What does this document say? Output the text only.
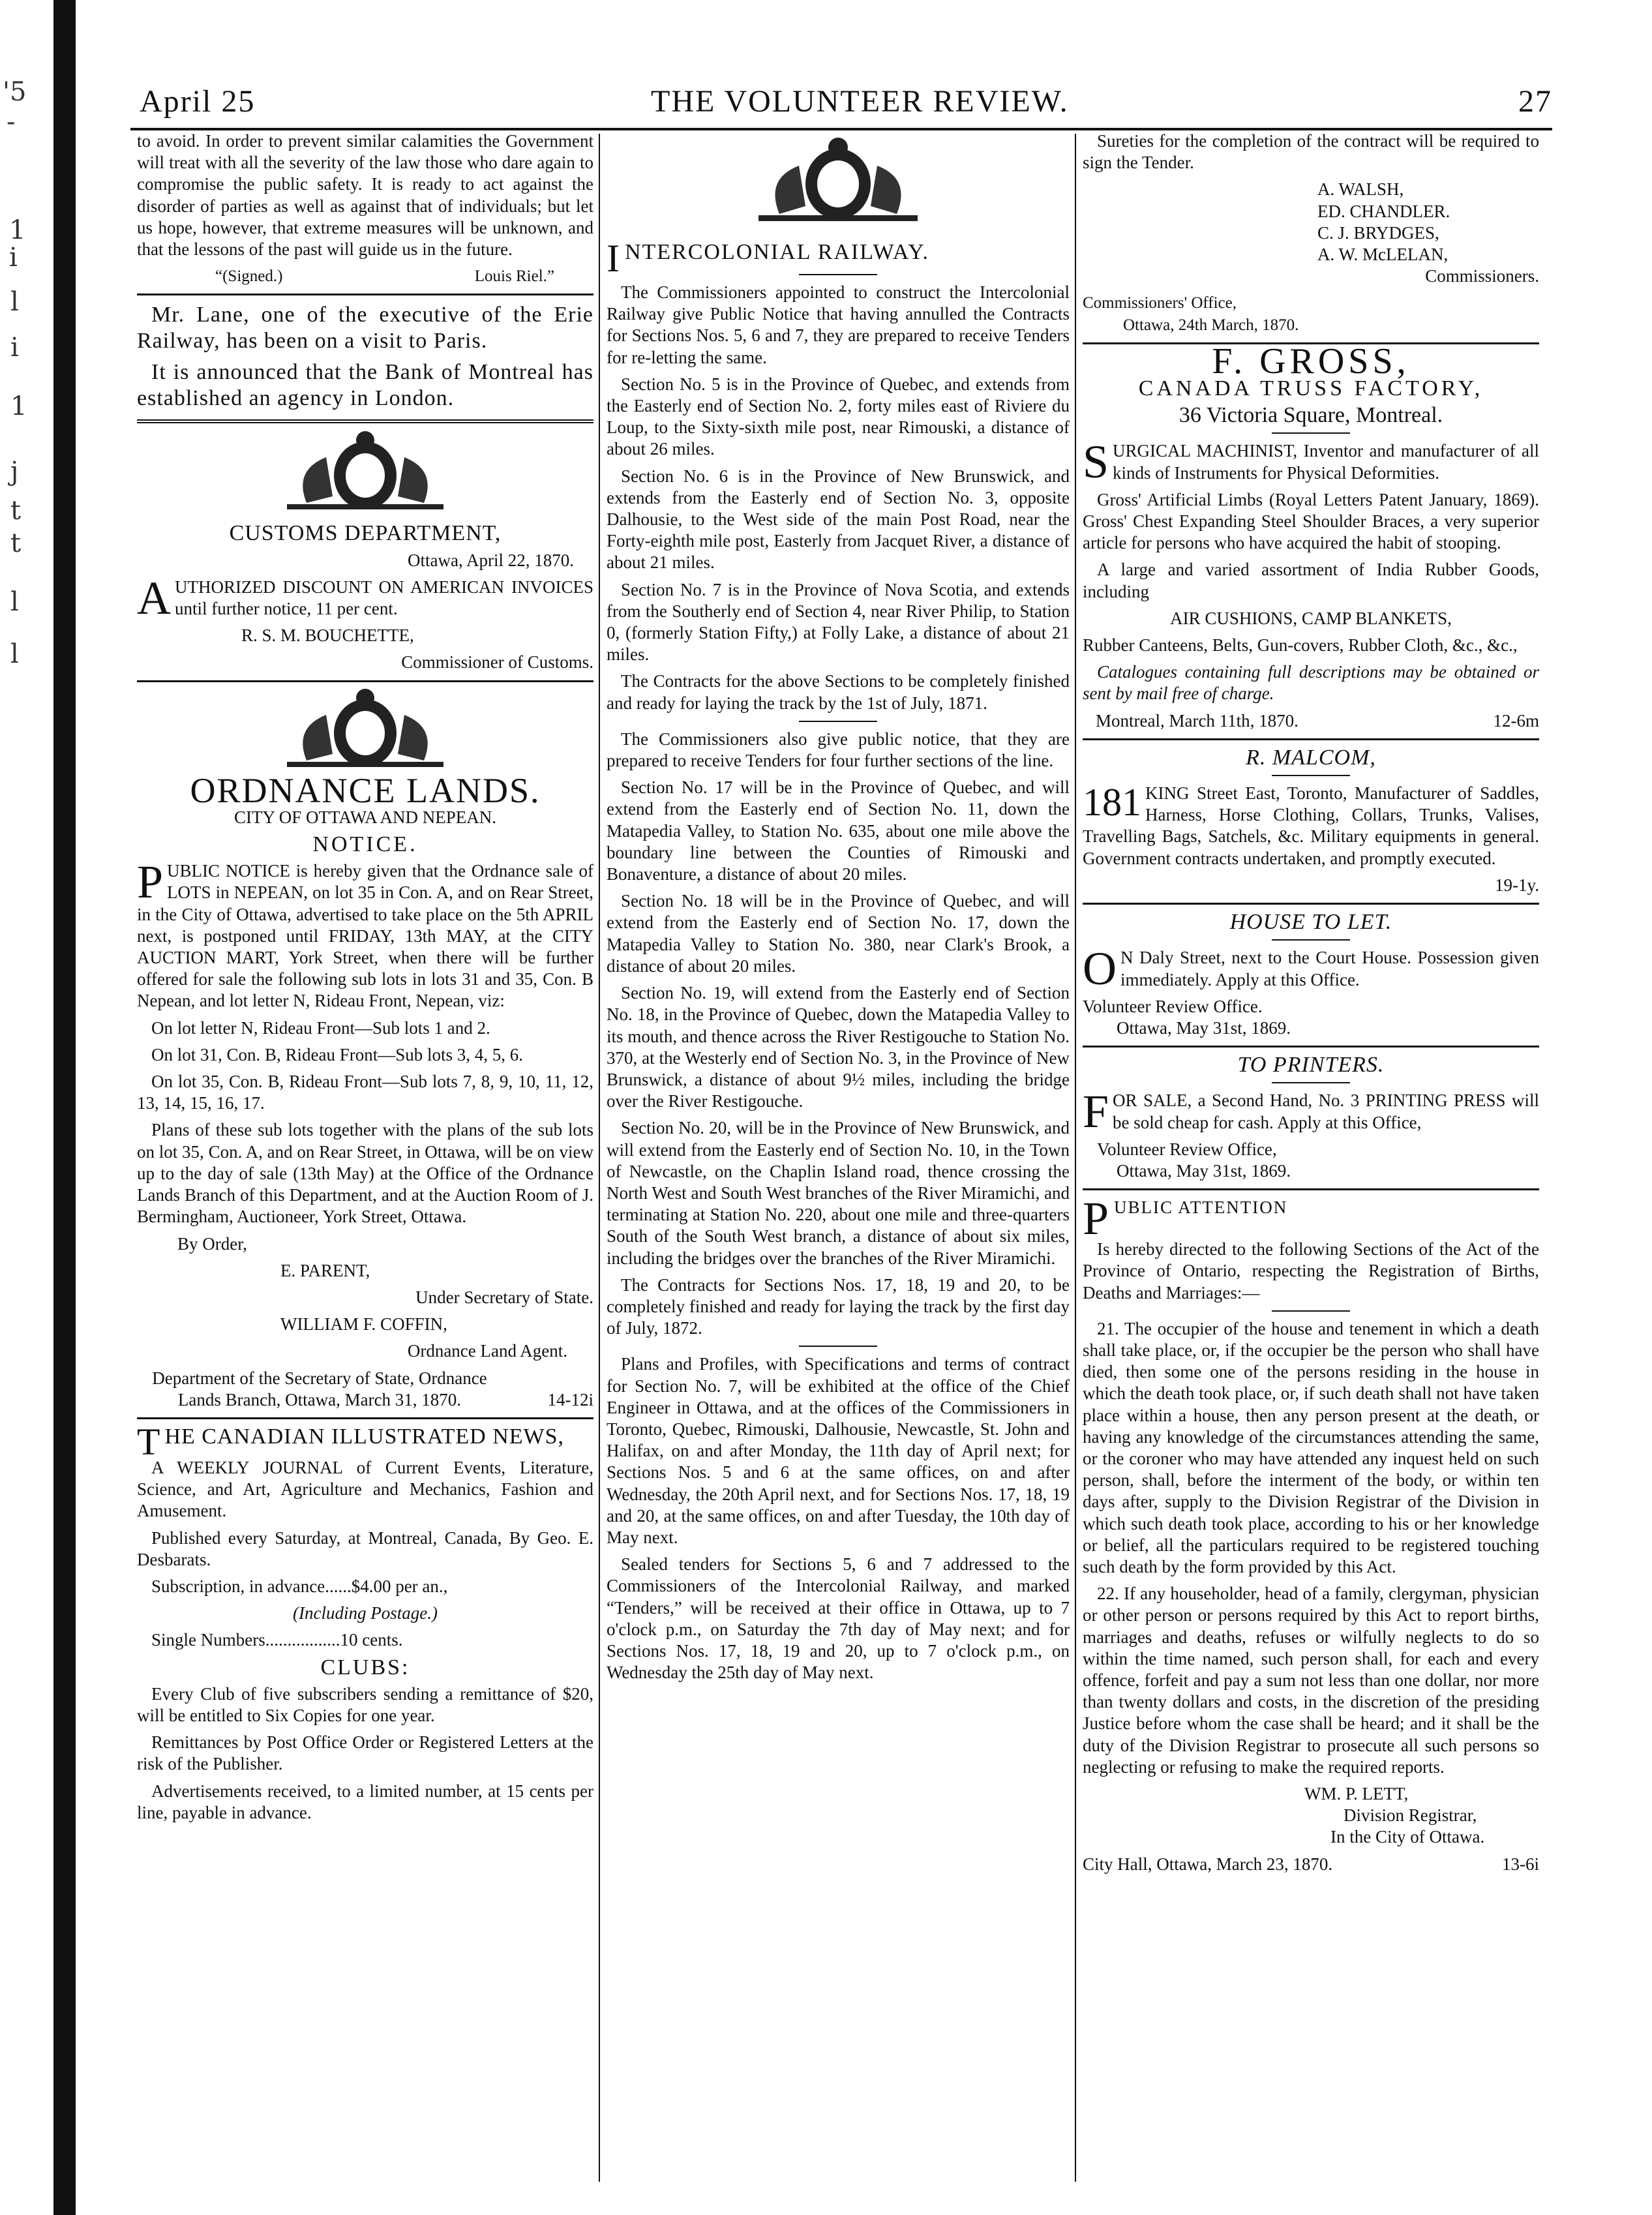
'5
-
1
i
l
i
1
j
t
t
l
l
April 25	THE VOLUNTEER REVIEW.	27

to avoid. In order to prevent similar calamities the Government will treat with all the severity of the law those who dare again to compromise the public safety. It is ready to act against the disorder of parties as well as against that of individuals; but let us hope, however, that extreme measures will be unknown, and that the lessons of the past will guide us in the future.

“(Signed.)	Louis Riel.”

Mr. Lane, one of the executive of the Erie Railway, has been on a visit to Paris.

It is announced that the Bank of Montreal has established an agency in London.

CUSTOMS DEPARTMENT,

Ottawa, April 22, 1870.

AUTHORIZED DISCOUNT ON AMERICAN INVOICES until further notice, 11 per cent.

R. S. M. BOUCHETTE,

Commissioner of Customs.

ORDNANCE LANDS.

CITY OF OTTAWA AND NEPEAN.

NOTICE.

PUBLIC NOTICE is hereby given that the Ordnance sale of LOTS in NEPEAN, on lot 35 in Con. A, and on Rear Street, in the City of Ottawa, advertised to take place on the 5th APRIL next, is postponed until FRIDAY, 13th MAY, at the CITY AUCTION MART, York Street, when there will be further offered for sale the following sub lots in lots 31 and 35, Con. B Nepean, and lot letter N, Rideau Front, Nepean, viz:

On lot letter N, Rideau Front—Sub lots 1 and 2.

On lot 31, Con. B, Rideau Front—Sub lots 3, 4, 5, 6.

On lot 35, Con. B, Rideau Front—Sub lots 7, 8, 9, 10, 11, 12, 13, 14, 15, 16, 17.

Plans of these sub lots together with the plans of the sub lots on lot 35, Con. A, and on Rear Street, in Ottawa, will be on view up to the day of sale (13th May) at the Office of the Ordnance Lands Branch of this Department, and at the Auction Room of J. Bermingham, Auctioneer, York Street, Ottawa.

By Order,

E. PARENT,

Under Secretary of State.

WILLIAM F. COFFIN,

Ordnance Land Agent.

Department of the Secretary of State, Ordnance Lands Branch, Ottawa, March 31, 1870.	14-12i

THE CANADIAN ILLUSTRATED NEWS,

A WEEKLY JOURNAL of Current Events, Literature, Science, and Art, Agriculture and Mechanics, Fashion and Amusement.

Published every Saturday, at Montreal, Canada, By Geo. E. Desbarats.

Subscription, in advance......$4.00 per an.,

(Including Postage.)

Single Numbers.................10 cents.

CLUBS:

Every Club of five subscribers sending a remittance of $20, will be entitled to Six Copies for one year.

Remittances by Post Office Order or Registered Letters at the risk of the Publisher.

Advertisements received, to a limited number, at 15 cents per line, payable in advance.

INTERCOLONIAL RAILWAY.

The Commissioners appointed to construct the Intercolonial Railway give Public Notice that having annulled the Contracts for Sections Nos. 5, 6 and 7, they are prepared to receive Tenders for re-letting the same.

Section No. 5 is in the Province of Quebec, and extends from the Easterly end of Section No. 2, forty miles east of Riviere du Loup, to the Sixty-sixth mile post, near Rimouski, a distance of about 26 miles.

Section No. 6 is in the Province of New Brunswick, and extends from the Easterly end of Section No. 3, opposite Dalhousie, to the West side of the main Post Road, near the Forty-eighth mile post, Easterly from Jacquet River, a distance of about 21 miles.

Section No. 7 is in the Province of Nova Scotia, and extends from the Southerly end of Section 4, near River Philip, to Station 0, (formerly Station Fifty,) at Folly Lake, a distance of about 21 miles.

The Contracts for the above Sections to be completely finished and ready for laying the track by the 1st of July, 1871.

The Commissioners also give public notice, that they are prepared to receive Tenders for four further sections of the line.

Section No. 17 will be in the Province of Quebec, and will extend from the Easterly end of Section No. 11, down the Matapedia Valley, to Station No. 635, about one mile above the boundary line between the Counties of Rimouski and Bonaventure, a distance of about 20 miles.

Section No. 18 will be in the Province of Quebec, and will extend from the Easterly end of Section No. 17, down the Matapedia Valley to Station No. 380, near Clark's Brook, a distance of about 20 miles.

Section No. 19, will extend from the Easterly end of Section No. 18, in the Province of Quebec, down the Matapedia Valley to its mouth, and thence across the River Restigouche to Station No. 370, at the Westerly end of Section No. 3, in the Province of New Brunswick, a distance of about 9½ miles, including the bridge over the River Restigouche.

Section No. 20, will be in the Province of New Brunswick, and will extend from the Easterly end of Section No. 10, in the Town of Newcastle, on the Chaplin Island road, thence crossing the North West and South West branches of the River Miramichi, and terminating at Station No. 220, about one mile and three-quarters South of the South West branch, a distance of about six miles, including the bridges over the branches of the River Miramichi.

The Contracts for Sections Nos. 17, 18, 19 and 20, to be completely finished and ready for laying the track by the first day of July, 1872.

Plans and Profiles, with Specifications and terms of contract for Section No. 7, will be exhibited at the office of the Chief Engineer in Ottawa, and at the offices of the Commissioners in Toronto, Quebec, Rimouski, Dalhousie, Newcastle, St. John and Halifax, on and after Monday, the 11th day of April next; for Sections Nos. 5 and 6 at the same offices, on and after Wednesday, the 20th April next, and for Sections Nos. 17, 18, 19 and 20, at the same offices, on and after Tuesday, the 10th day of May next.

Sealed tenders for Sections 5, 6 and 7 addressed to the Commissioners of the Intercolonial Railway, and marked “Tenders,” will be received at their office in Ottawa, up to 7 o'clock p.m., on Saturday the 7th day of May next; and for Sections Nos. 17, 18, 19 and 20, up to 7 o'clock p.m., on Wednesday the 25th day of May next.

Sureties for the completion of the contract will be required to sign the Tender.

A. WALSH,

ED. CHANDLER.

C. J. BRYDGES,

A. W. McLELAN,

Commissioners.

Commissioners' Office,

Ottawa, 24th March, 1870.

F. GROSS,

CANADA TRUSS FACTORY,

36 Victoria Square, Montreal.

SURGICAL MACHINIST, Inventor and manufacturer of all kinds of Instruments for Physical Deformities.

Gross' Artificial Limbs (Royal Letters Patent January, 1869). Gross' Chest Expanding Steel Shoulder Braces, a very superior article for persons who have acquired the habit of stooping.

A large and varied assortment of India Rubber Goods, including

AIR CUSHIONS, CAMP BLANKETS,

Rubber Canteens, Belts, Gun-covers, Rubber Cloth, &c., &c.,

Catalogues containing full descriptions may be obtained or sent by mail free of charge.

Montreal, March 11th, 1870.	12-6m

R. MALCOM,

181 KING Street East, Toronto, Manufacturer of Saddles, Harness, Horse Clothing, Collars, Trunks, Valises, Travelling Bags, Satchels, &c. Military equipments in general. Government contracts undertaken, and promptly executed.

19-1y.

HOUSE TO LET.

O N Daly Street, next to the Court House. Possession given immediately. Apply at this Office.

Volunteer Review Office.

Ottawa, May 31st, 1869.

TO PRINTERS.

FOR SALE, a Second Hand, No. 3 PRINTING PRESS will be sold cheap for cash. Apply at this Office,

Volunteer Review Office,

Ottawa, May 31st, 1869.

PUBLIC ATTENTION

Is hereby directed to the following Sections of the Act of the Province of Ontario, respecting the Registration of Births, Deaths and Marriages:—

21. The occupier of the house and tenement in which a death shall take place, or, if the occupier be the person who shall have died, then some one of the persons residing in the house in which the death took place, or, if such death shall not have taken place within a house, then any person present at the death, or having any knowledge of the circumstances attending the same, or the coroner who may have attended any inquest held on such person, shall, before the interment of the body, or within ten days after, supply to the Division Registrar of the Division in which such death took place, according to his or her knowledge or belief, all the particulars required to be registered touching such death by the form provided by this Act.

22. If any householder, head of a family, clergyman, physician or other person or persons required by this Act to report births, marriages and deaths, refuses or wilfully neglects to do so within the time named, such person shall, for each and every offence, forfeit and pay a sum not less than one dollar, nor more than twenty dollars and costs, in the discretion of the presiding Justice before whom the case shall be heard; and it shall be the duty of the Division Registrar to prosecute all such persons so neglecting or refusing to make the required reports.

WM. P. LETT,

Division Registrar,

In the City of Ottawa.

City Hall, Ottawa, March 23, 1870.	13-6i
